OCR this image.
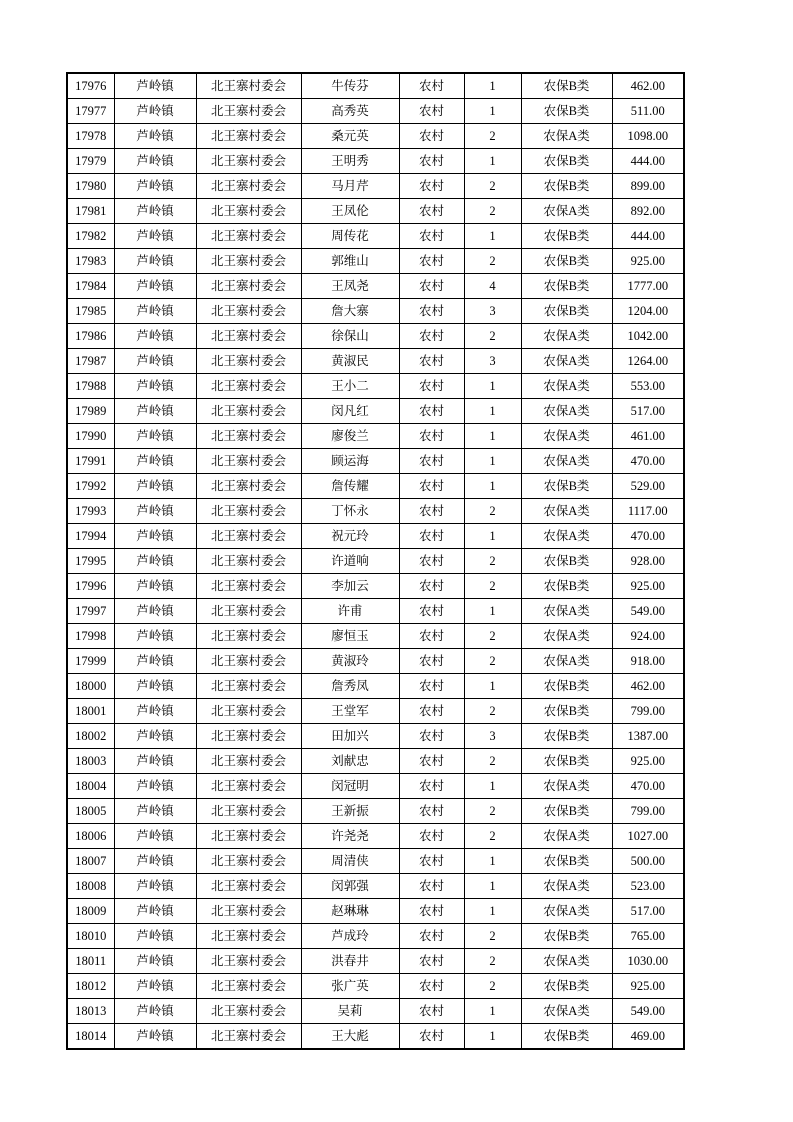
17976	芦岭镇	北王寨村委会	牛传芬	农村	1	农保B类	462.00
17977	芦岭镇	北王寨村委会	高秀英	农村	1	农保B类	511.00
17978	芦岭镇	北王寨村委会	桑元英	农村	2	农保A类	1098.00
17979	芦岭镇	北王寨村委会	王明秀	农村	1	农保B类	444.00
17980	芦岭镇	北王寨村委会	马月芹	农村	2	农保B类	899.00
17981	芦岭镇	北王寨村委会	王凤伦	农村	2	农保A类	892.00
17982	芦岭镇	北王寨村委会	周传花	农村	1	农保B类	444.00
17983	芦岭镇	北王寨村委会	郭维山	农村	2	农保B类	925.00
17984	芦岭镇	北王寨村委会	王凤尧	农村	4	农保B类	1777.00
17985	芦岭镇	北王寨村委会	詹大寨	农村	3	农保B类	1204.00
17986	芦岭镇	北王寨村委会	徐保山	农村	2	农保A类	1042.00
17987	芦岭镇	北王寨村委会	黄淑民	农村	3	农保A类	1264.00
17988	芦岭镇	北王寨村委会	王小二	农村	1	农保A类	553.00
17989	芦岭镇	北王寨村委会	闵凡红	农村	1	农保A类	517.00
17990	芦岭镇	北王寨村委会	廖俊兰	农村	1	农保A类	461.00
17991	芦岭镇	北王寨村委会	顾运海	农村	1	农保A类	470.00
17992	芦岭镇	北王寨村委会	詹传耀	农村	1	农保B类	529.00
17993	芦岭镇	北王寨村委会	丁怀永	农村	2	农保A类	1117.00
17994	芦岭镇	北王寨村委会	祝元玲	农村	1	农保A类	470.00
17995	芦岭镇	北王寨村委会	许道响	农村	2	农保B类	928.00
17996	芦岭镇	北王寨村委会	李加云	农村	2	农保B类	925.00
17997	芦岭镇	北王寨村委会	许甫	农村	1	农保A类	549.00
17998	芦岭镇	北王寨村委会	廖恒玉	农村	2	农保A类	924.00
17999	芦岭镇	北王寨村委会	黄淑玲	农村	2	农保A类	918.00
18000	芦岭镇	北王寨村委会	詹秀凤	农村	1	农保B类	462.00
18001	芦岭镇	北王寨村委会	王堂军	农村	2	农保B类	799.00
18002	芦岭镇	北王寨村委会	田加兴	农村	3	农保B类	1387.00
18003	芦岭镇	北王寨村委会	刘献忠	农村	2	农保B类	925.00
18004	芦岭镇	北王寨村委会	闵冠明	农村	1	农保A类	470.00
18005	芦岭镇	北王寨村委会	王新振	农村	2	农保B类	799.00
18006	芦岭镇	北王寨村委会	许尧尧	农村	2	农保A类	1027.00
18007	芦岭镇	北王寨村委会	周清侠	农村	1	农保B类	500.00
18008	芦岭镇	北王寨村委会	闵郭强	农村	1	农保A类	523.00
18009	芦岭镇	北王寨村委会	赵琳琳	农村	1	农保A类	517.00
18010	芦岭镇	北王寨村委会	芦成玲	农村	2	农保B类	765.00
18011	芦岭镇	北王寨村委会	洪春井	农村	2	农保A类	1030.00
18012	芦岭镇	北王寨村委会	张广英	农村	2	农保B类	925.00
18013	芦岭镇	北王寨村委会	吴莉	农村	1	农保A类	549.00
18014	芦岭镇	北王寨村委会	王大彪	农村	1	农保B类	469.00
